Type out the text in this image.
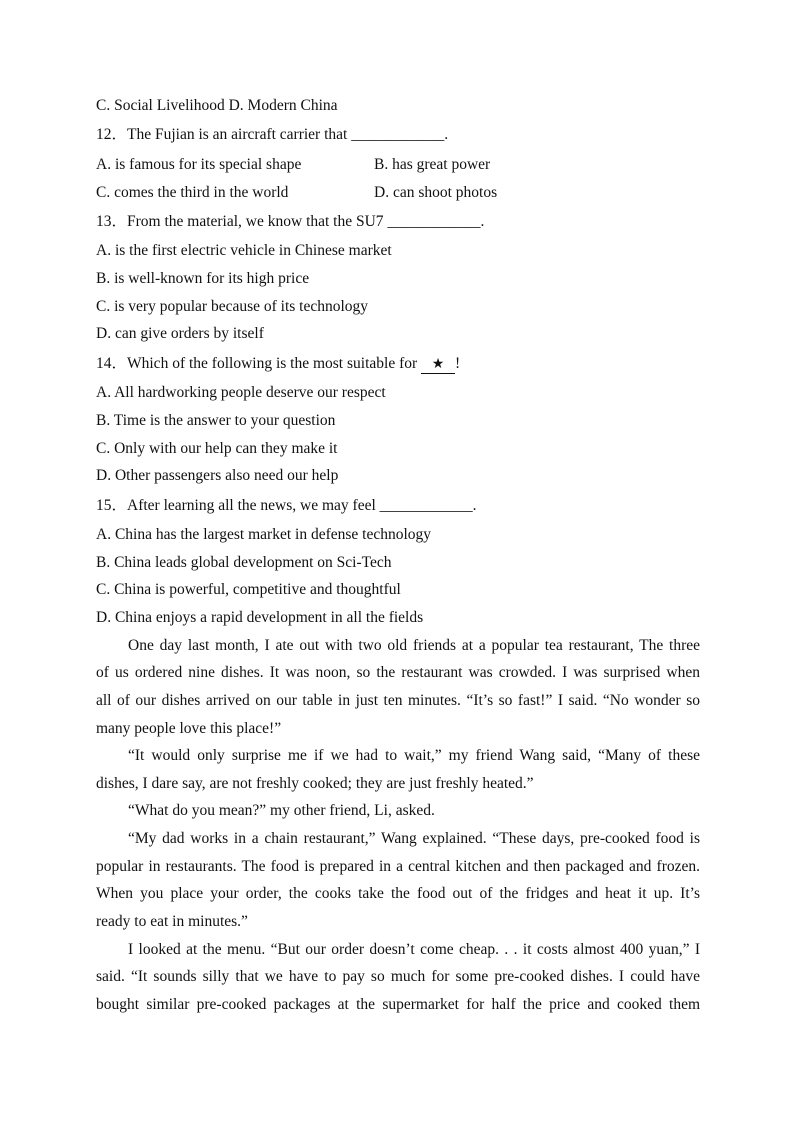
C. Social Livelihood D. Modern China
12．The Fujian is an aircraft carrier that ____________.
A. is famous for its special shape	B. has great power
C. comes the third in the world	D. can shoot photos
13．From the material, we know that the SU7 ____________.
A. is the first electric vehicle in Chinese market
B. is well-known for its high price
C. is very popular because of its technology
D. can give orders by itself
14．Which of the following is the most suitable for ★ !
A. All hardworking people deserve our respect
B. Time is the answer to your question
C. Only with our help can they make it
D. Other passengers also need our help
15．After learning all the news, we may feel ____________.
A. China has the largest market in defense technology
B. China leads global development on Sci-Tech
C. China is powerful, competitive and thoughtful
D. China enjoys a rapid development in all the fields
One day last month, I ate out with two old friends at a popular tea restaurant, The three
of us ordered nine dishes. It was noon, so the restaurant was crowded. I was surprised when
all of our dishes arrived on our table in just ten minutes. “It’s so fast!” I said. “No wonder so
many people love this place!”
“It would only surprise me if we had to wait,” my friend Wang said, “Many of these
dishes, I dare say, are not freshly cooked; they are just freshly heated.”
“What do you mean?” my other friend, Li, asked.
“My dad works in a chain restaurant,” Wang explained. “These days, pre-cooked food is
popular in restaurants. The food is prepared in a central kitchen and then packaged and frozen.
When you place your order, the cooks take the food out of the fridges and heat it up. It’s
ready to eat in minutes.”
I looked at the menu. “But our order doesn’t come cheap. . . it costs almost 400 yuan,” I
said. “It sounds silly that we have to pay so much for some pre-cooked dishes. I could have
bought similar pre-cooked packages at the supermarket for half the price and cooked them
